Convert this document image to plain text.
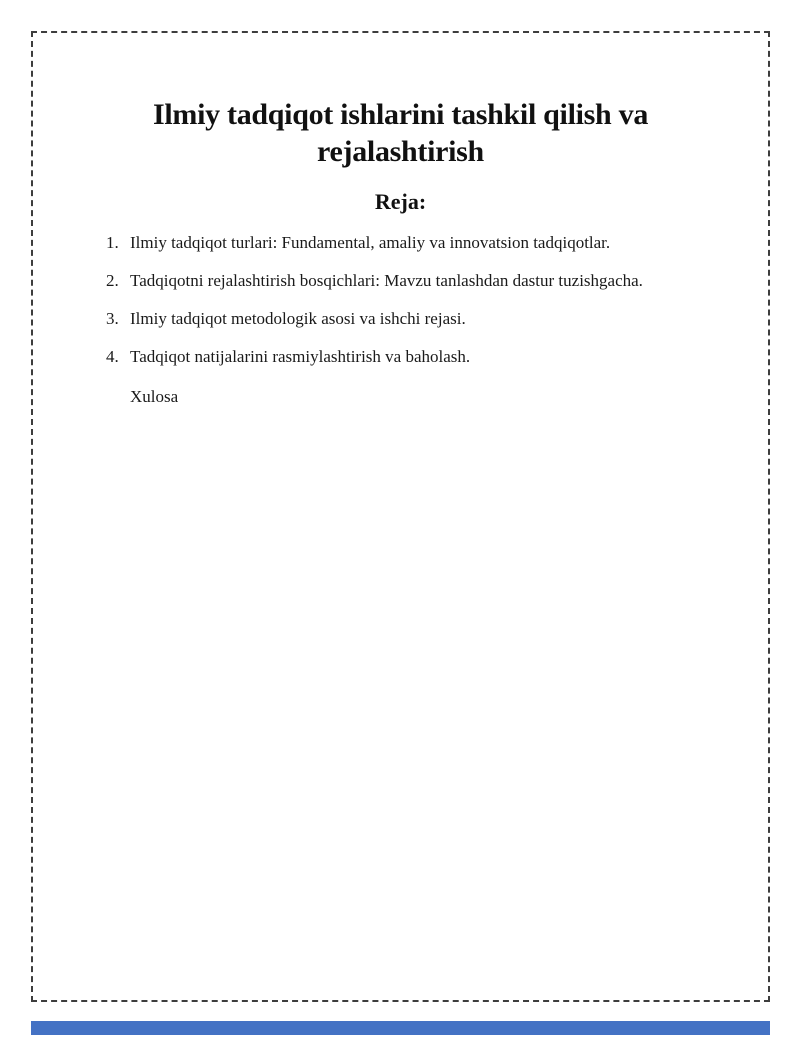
Ilmiy tadqiqot ishlarini tashkil qilish va rejalashtirish
Reja:
1. Ilmiy tadqiqot turlari: Fundamental, amaliy va innovatsion tadqiqotlar.
2. Tadqiqotni rejalashtirish bosqichlari: Mavzu tanlashdan dastur tuzishgacha.
3. Ilmiy tadqiqot metodologik asosi va ishchi rejasi.
4. Tadqiqot natijalarini rasmiylashtirish va baholash.
Xulosa
